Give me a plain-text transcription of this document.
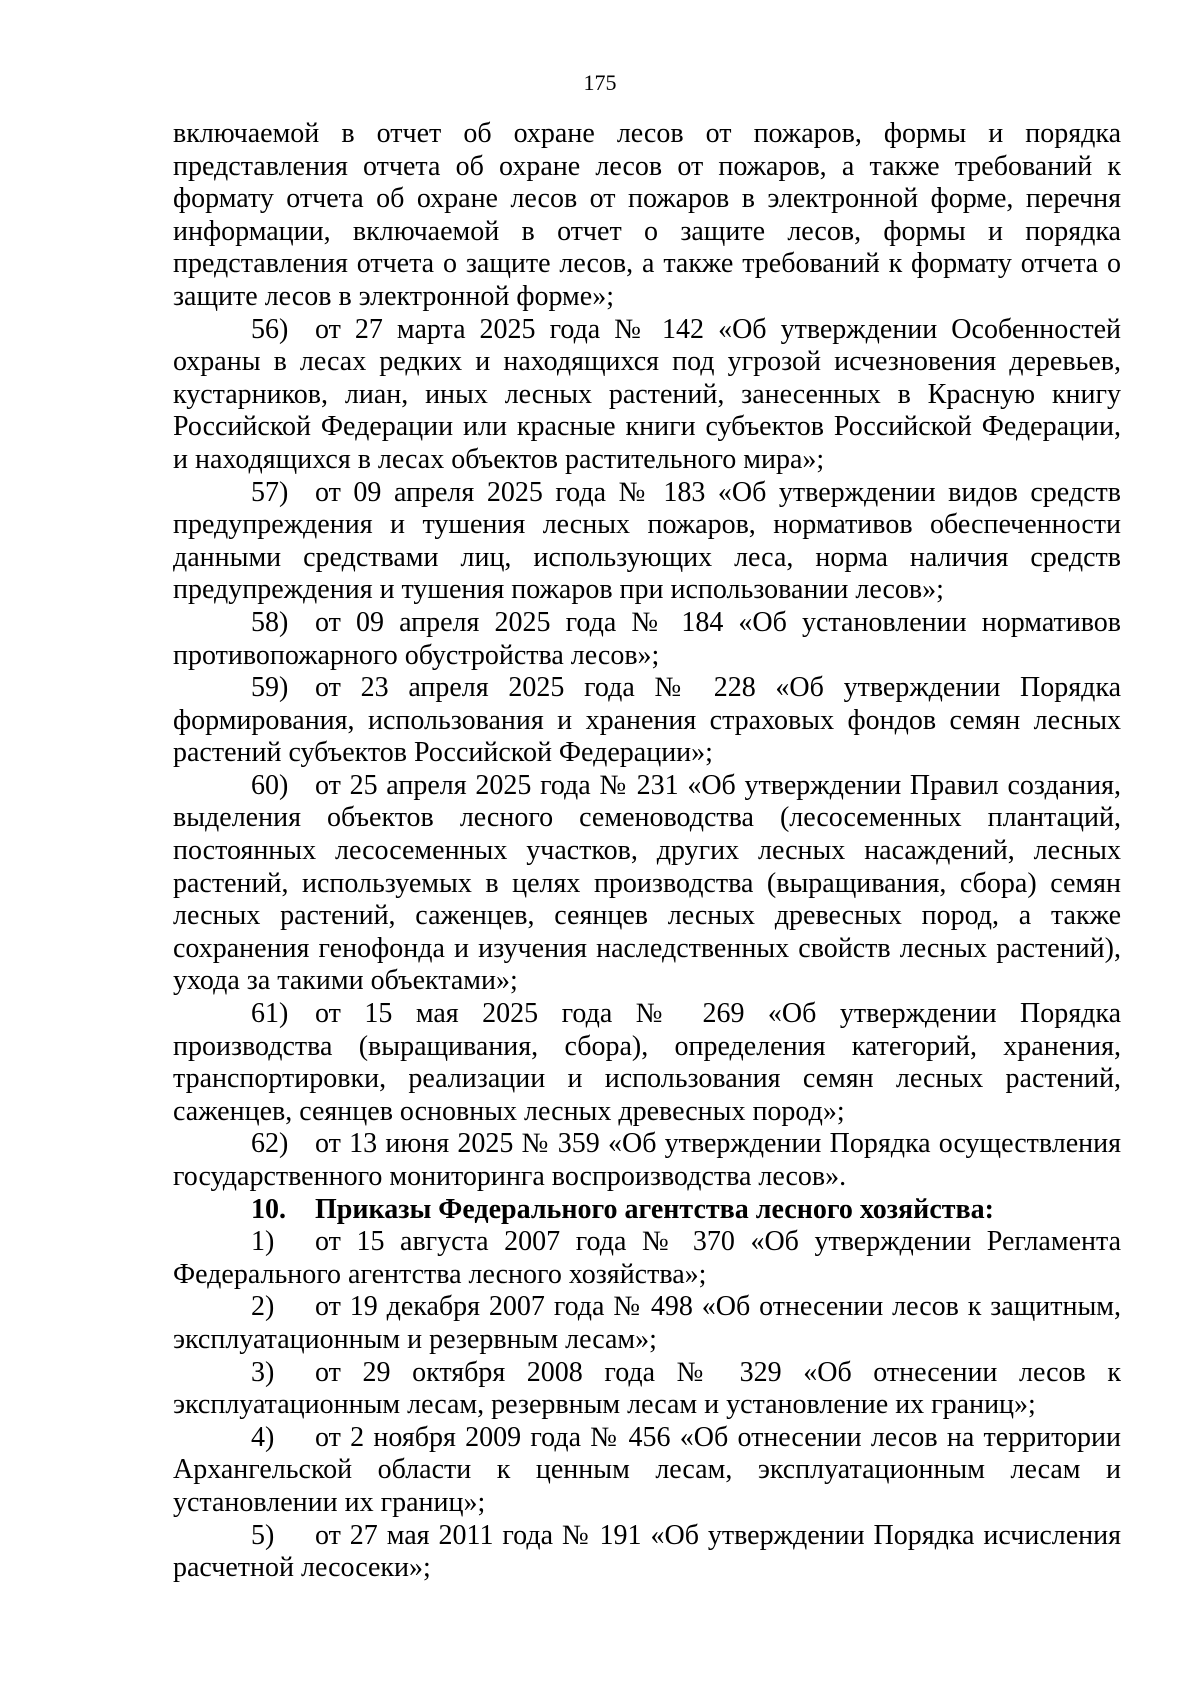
175

включаемой в отчет об охране лесов от пожаров, формы и порядка представления отчета об охране лесов от пожаров, а также требований к формату отчета об охране лесов от пожаров в электронной форме, перечня информации, включаемой в отчет о защите лесов, формы и порядка представления отчета о защите лесов, а также требований к формату отчета о защите лесов в электронной форме»;

56) от 27 марта 2025 года № 142 «Об утверждении Особенностей охраны в лесах редких и находящихся под угрозой исчезновения деревьев, кустарников, лиан, иных лесных растений, занесенных в Красную книгу Российской Федерации или красные книги субъектов Российской Федерации, и находящихся в лесах объектов растительного мира»;

57) от 09 апреля 2025 года № 183 «Об утверждении видов средств предупреждения и тушения лесных пожаров, нормативов обеспеченности данными средствами лиц, использующих леса, норма наличия средств предупреждения и тушения пожаров при использовании лесов»;

58) от 09 апреля 2025 года № 184 «Об установлении нормативов противопожарного обустройства лесов»;

59) от 23 апреля 2025 года № 228 «Об утверждении Порядка формирования, использования и хранения страховых фондов семян лесных растений субъектов Российской Федерации»;

60) от 25 апреля 2025 года № 231 «Об утверждении Правил создания, выделения объектов лесного семеноводства (лесосеменных плантаций, постоянных лесосеменных участков, других лесных насаждений, лесных растений, используемых в целях производства (выращивания, сбора) семян лесных растений, саженцев, сеянцев лесных древесных пород, а также сохранения генофонда и изучения наследственных свойств лесных растений), ухода за такими объектами»;

61) от 15 мая 2025 года № 269 «Об утверждении Порядка производства (выращивания, сбора), определения категорий, хранения, транспортировки, реализации и использования семян лесных растений, саженцев, сеянцев основных лесных древесных пород»;

62) от 13 июня 2025 № 359 «Об утверждении Порядка осуществления государственного мониторинга воспроизводства лесов».

10. Приказы Федерального агентства лесного хозяйства:

1) от 15 августа 2007 года № 370 «Об утверждении Регламента Федерального агентства лесного хозяйства»;

2) от 19 декабря 2007 года № 498 «Об отнесении лесов к защитным, эксплуатационным и резервным лесам»;

3) от 29 октября 2008 года № 329 «Об отнесении лесов к эксплуатационным лесам, резервным лесам и установление их границ»;

4) от 2 ноября 2009 года № 456 «Об отнесении лесов на территории Архангельской области к ценным лесам, эксплуатационным лесам и установлении их границ»;

5) от 27 мая 2011 года № 191 «Об утверждении Порядка исчисления расчетной лесосеки»;
